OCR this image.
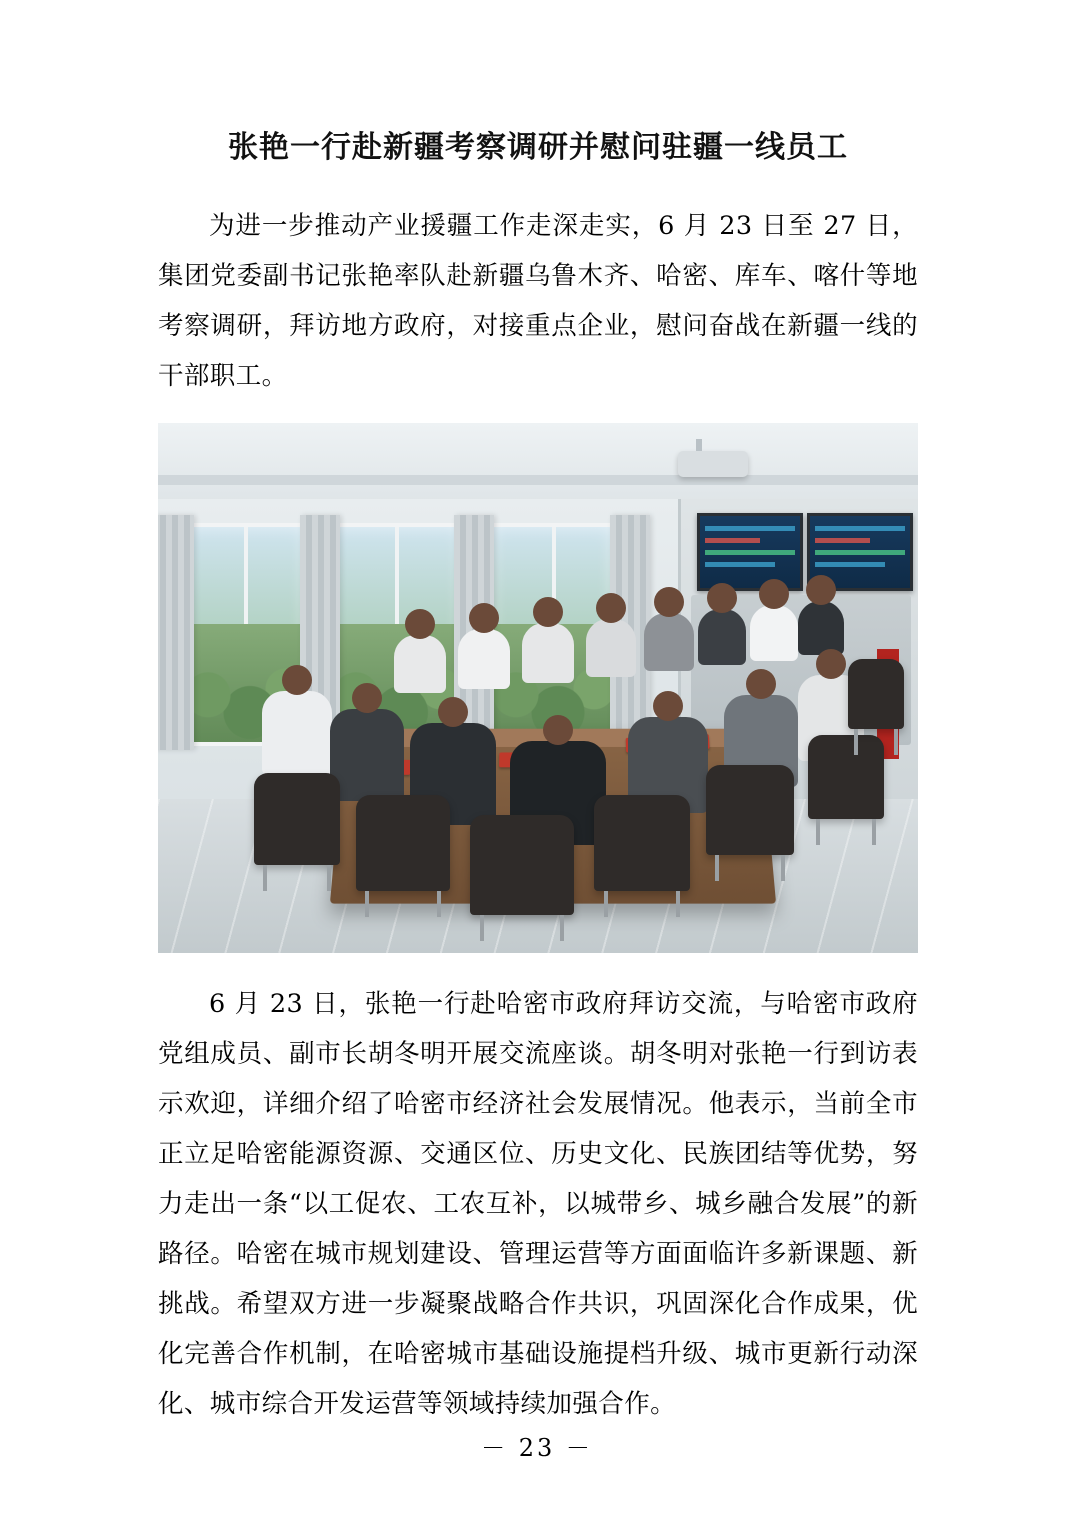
张艳一行赴新疆考察调研并慰问驻疆一线员工

为进一步推动产业援疆工作走深走实，6 月 23 日至 27 日，集团党委副书记张艳率队赴新疆乌鲁木齐、哈密、库车、喀什等地考察调研，拜访地方政府，对接重点企业，慰问奋战在新疆一线的干部职工。

6 月 23 日，张艳一行赴哈密市政府拜访交流，与哈密市政府党组成员、副市长胡冬明开展交流座谈。胡冬明对张艳一行到访表示欢迎，详细介绍了哈密市经济社会发展情况。他表示，当前全市正立足哈密能源资源、交通区位、历史文化、民族团结等优势，努力走出一条“以工促农、工农互补，以城带乡、城乡融合发展”的新路径。哈密在城市规划建设、管理运营等方面面临许多新课题、新挑战。希望双方进一步凝聚战略合作共识，巩固深化合作成果，优化完善合作机制，在哈密城市基础设施提档升级、城市更新行动深化、城市综合开发运营等领域持续加强合作。

－ 23 －
